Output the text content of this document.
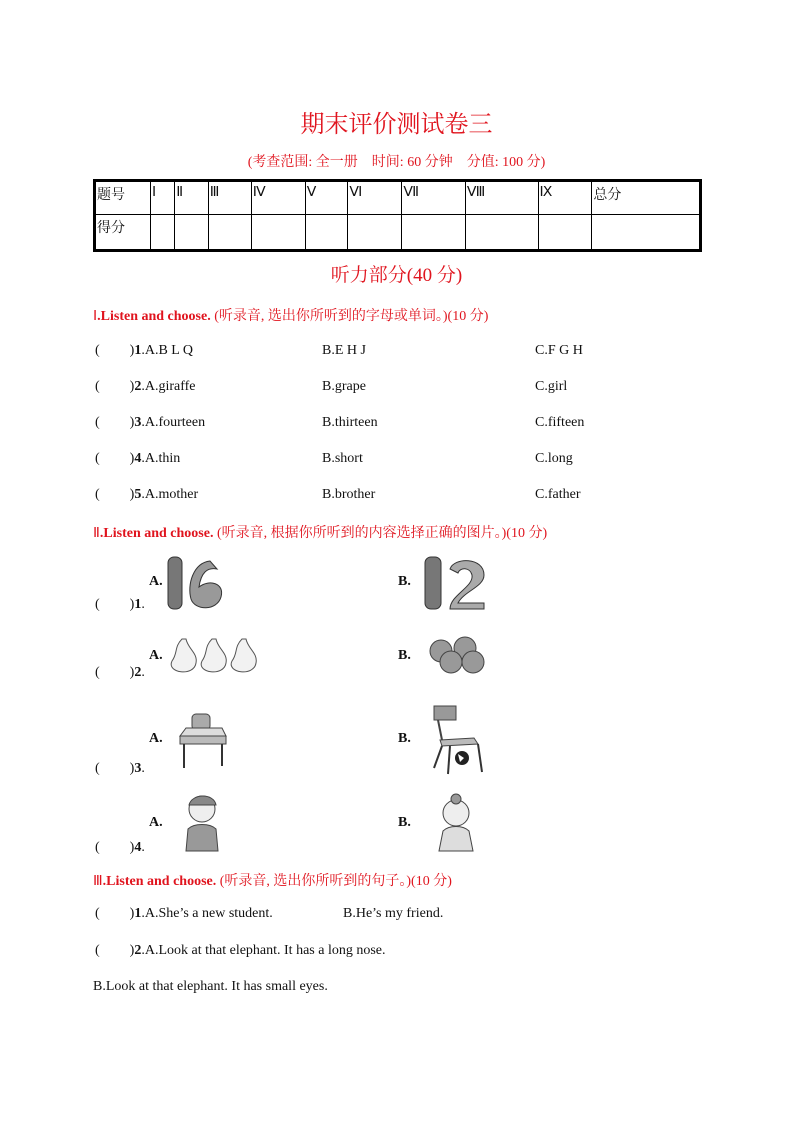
期末评价测试卷三
(考查范围: 全一册　时间: 60 分钟　分值: 100 分)
题号	Ⅰ	Ⅱ	Ⅲ	Ⅳ	Ⅴ	Ⅵ	Ⅶ	Ⅷ	Ⅸ	总分
得分										
听力部分(40 分)
Ⅰ.Listen and choose. (听录音, 选出你所听到的字母或单词。)(10 分)
( )1.A.B L Q	B.E H J	C.F G H
( )2.A.giraffe	B.grape	C.girl
( )3.A.fourteen	B.thirteen	C.fifteen
( )4.A.thin	B.short	C.long
( )5.A.mother	B.brother	C.father
Ⅱ.Listen and choose. (听录音, 根据你所听到的内容选择正确的图片。)(10 分)
( )1.
A.	B.
( )2.
A.	B.
( )3.
A.	B.
( )4.
A.	B.
Ⅲ.Listen and choose. (听录音, 选出你所听到的句子。)(10 分)
( )1.A.She’s a new student.	B.He’s my friend.
( )2.A.Look at that elephant. It has a long nose.
B.Look at that elephant. It has small eyes.
